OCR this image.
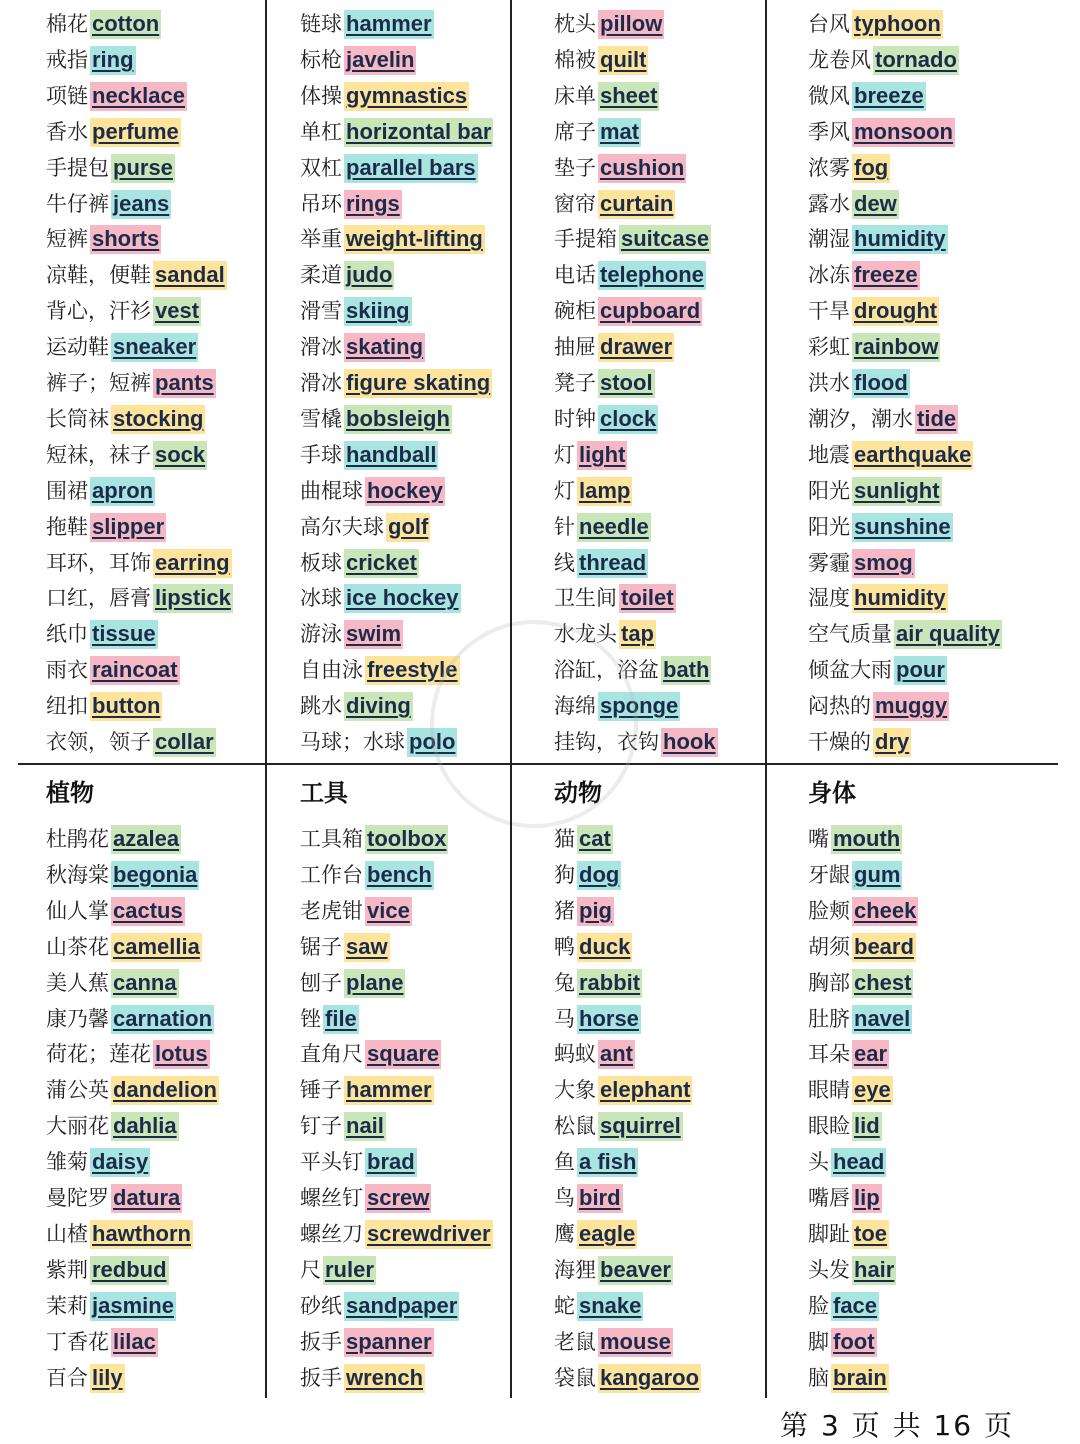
棉花 cotton
戒指 ring
项链 necklace
香水 perfume
手提包 purse
牛仔裤 jeans
短裤 shorts
凉鞋，便鞋 sandal
背心，汗衫 vest
运动鞋 sneaker
裤子；短裤 pants
长筒袜 stocking
短袜，袜子 sock
围裙 apron
拖鞋 slipper
耳环，耳饰 earring
口红，唇膏 lipstick
纸巾 tissue
雨衣 raincoat
纽扣 button
衣领，领子 collar
链球 hammer
标枪 javelin
体操 gymnastics
单杠 horizontal bar
双杠 parallel bars
吊环 rings
举重 weight-lifting
柔道 judo
滑雪 skiing
滑冰 skating
滑冰 figure skating
雪橇 bobsleigh
手球 handball
曲棍球 hockey
高尔夫球 golf
板球 cricket
冰球 ice hockey
游泳 swim
自由泳 freestyle
跳水 diving
马球；水球 polo
枕头 pillow
棉被 quilt
床单 sheet
席子 mat
垫子 cushion
窗帘 curtain
手提箱 suitcase
电话 telephone
碗柜 cupboard
抽屉 drawer
凳子 stool
时钟 clock
灯 light
灯 lamp
针 needle
线 thread
卫生间 toilet
水龙头 tap
浴缸，浴盆 bath
海绵 sponge
挂钩，衣钩 hook
台风 typhoon
龙卷风 tornado
微风 breeze
季风 monsoon
浓雾 fog
露水 dew
潮湿 humidity
冰冻 freeze
干旱 drought
彩虹 rainbow
洪水 flood
潮汐，潮水 tide
地震 earthquake
阳光 sunlight
阳光 sunshine
雾霾 smog
湿度 humidity
空气质量 air quality
倾盆大雨 pour
闷热的 muggy
干燥的 dry
植物
杜鹃花 azalea
秋海棠 begonia
仙人掌 cactus
山茶花 camellia
美人蕉 canna
康乃馨 carnation
荷花；莲花 lotus
蒲公英 dandelion
大丽花 dahlia
雏菊 daisy
曼陀罗 datura
山楂 hawthorn
紫荆 redbud
茉莉 jasmine
丁香花 lilac
百合 lily
工具
工具箱 toolbox
工作台 bench
老虎钳 vice
锯子 saw
刨子 plane
锉 file
直角尺 square
锤子 hammer
钉子 nail
平头钉 brad
螺丝钉 screw
螺丝刀 screwdriver
尺 ruler
砂纸 sandpaper
扳手 spanner
扳手 wrench
动物
猫 cat
狗 dog
猪 pig
鸭 duck
兔 rabbit
马 horse
蚂蚁 ant
大象 elephant
松鼠 squirrel
鱼 a fish
鸟 bird
鹰 eagle
海狸 beaver
蛇 snake
老鼠 mouse
袋鼠 kangaroo
身体
嘴 mouth
牙龈 gum
脸颊 cheek
胡须 beard
胸部 chest
肚脐 navel
耳朵 ear
眼睛 eye
眼睑 lid
头 head
嘴唇 lip
脚趾 toe
头发 hair
脸 face
脚 foot
脑 brain
第 3 页 共 16 页
